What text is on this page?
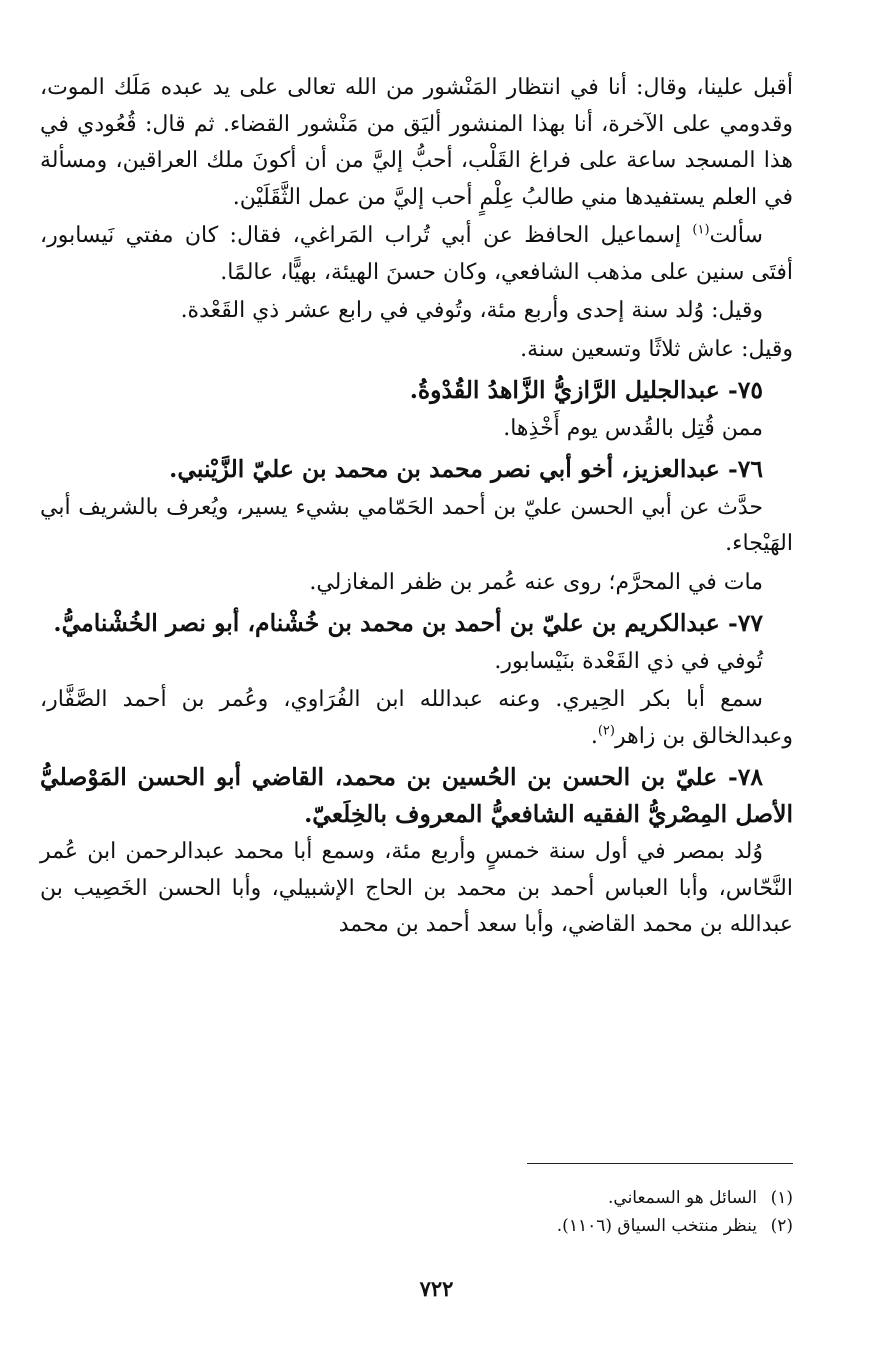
أقبل علينا، وقال: أنا في انتظار المَنْشور من الله تعالى على يد عبده مَلَك الموت، وقدومي على الآخرة، أنا بهذا المنشور أليَق من مَنْشور القضاء. ثم قال: قُعُودي في هذا المسجد ساعة على فراغ القَلْب، أحبُّ إليَّ من أن أكونَ ملك العراقين، ومسألة في العلم يستفيدها مني طالبُ عِلْمٍ أحب إليَّ من عمل الثَّقَلَيْن.

سألت$^{(١)}$ إسماعيل الحافظ عن أبي تُراب المَراغي، فقال: كان مفتي نَيسابور، أفتَى سنين على مذهب الشافعي، وكان حسنَ الهيئة، بهيًّا، عالمًا.

وقيل: وُلد سنة إحدى وأربع مئة، وتُوفي في رابع عشر ذي القَعْدة.

وقيل: عاش ثلاثًا وتسعين سنة.

٧٥- عبدالجليل الرَّازيُّ الزَّاهدُ القُدْوةُ.

ممن قُتِل بالقُدس يوم أَخْذِها.

٧٦- عبدالعزيز، أخو أبي نصر محمد بن محمد بن عليّ الزَّيْنبي.

حدَّث عن أبي الحسن عليّ بن أحمد الحَمّامي بشيء يسير، ويُعرف بالشريف أبي الهَيْجاء.

مات في المحرَّم؛ روى عنه عُمر بن ظفر المغازلي.

٧٧- عبدالكريم بن عليّ بن أحمد بن محمد بن خُشْنام، أبو نصر الخُشْناميُّ.

تُوفي في ذي القَعْدة بنَيْسابور.

سمع أبا بكر الحِيري. وعنه عبدالله ابن الفُرَاوي، وعُمر بن أحمد الصَّفَّار، وعبدالخالق بن زاهر$^{(٢)}$.

٧٨- عليّ بن الحسن بن الحُسين بن محمد، القاضي أبو الحسن المَوْصليُّ الأصل المِصْريُّ الفقيه الشافعيُّ المعروف بالخِلَعيّ.

وُلد بمصر في أول سنة خمسٍ وأربع مئة، وسمع أبا محمد عبدالرحمن ابن عُمر النَّحّاس، وأبا العباس أحمد بن محمد بن الحاج الإشبيلي، وأبا الحسن الخَصِيب بن عبدالله بن محمد القاضي، وأبا سعد أحمد بن محمد

(١)السائل هو السمعاني.

(٢)ينظر منتخب السياق (١١٠٦).

٧٢٢
